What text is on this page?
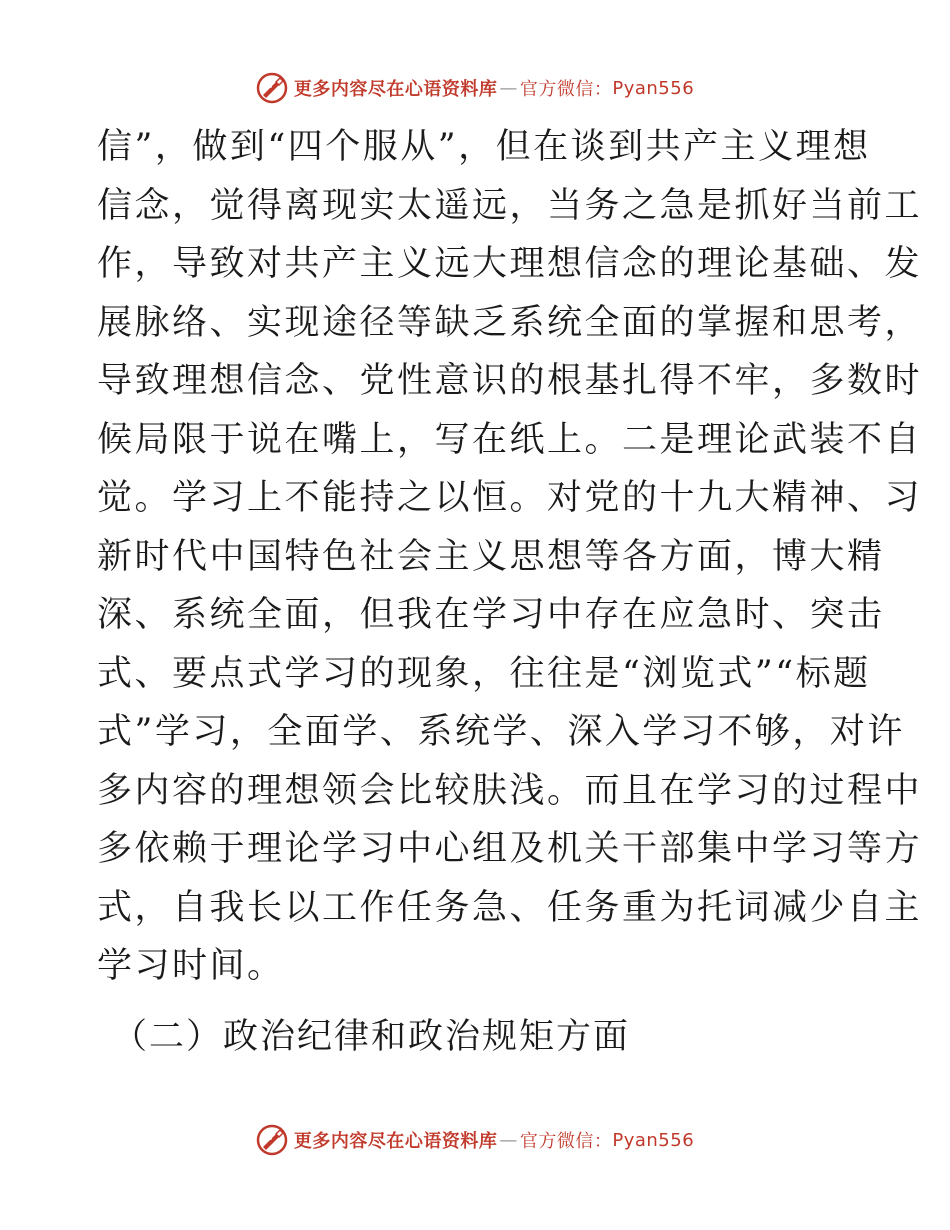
更多内容尽在心语资料库 — 官方微信： Pyan556
信”，做到“四个服从”，但在谈到共产主义理想
信念，觉得离现实太遥远，当务之急是抓好当前工
作，导致对共产主义远大理想信念的理论基础、发
展脉络、实现途径等缺乏系统全面的掌握和思考，
导致理想信念、党性意识的根基扎得不牢，多数时
候局限于说在嘴上，写在纸上。二是理论武装不自
觉。学习上不能持之以恒。对党的十九大精神、习
新时代中国特色社会主义思想等各方面，博大精
深、系统全面，但我在学习中存在应急时、突击
式、要点式学习的现象，往往是“浏览式”“标题
式”学习，全面学、系统学、深入学习不够，对许
多内容的理想领会比较肤浅。而且在学习的过程中
多依赖于理论学习中心组及机关干部集中学习等方
式，自我长以工作任务急、任务重为托词减少自主
学习时间。
（二）政治纪律和政治规矩方面
更多内容尽在心语资料库 — 官方微信： Pyan556
